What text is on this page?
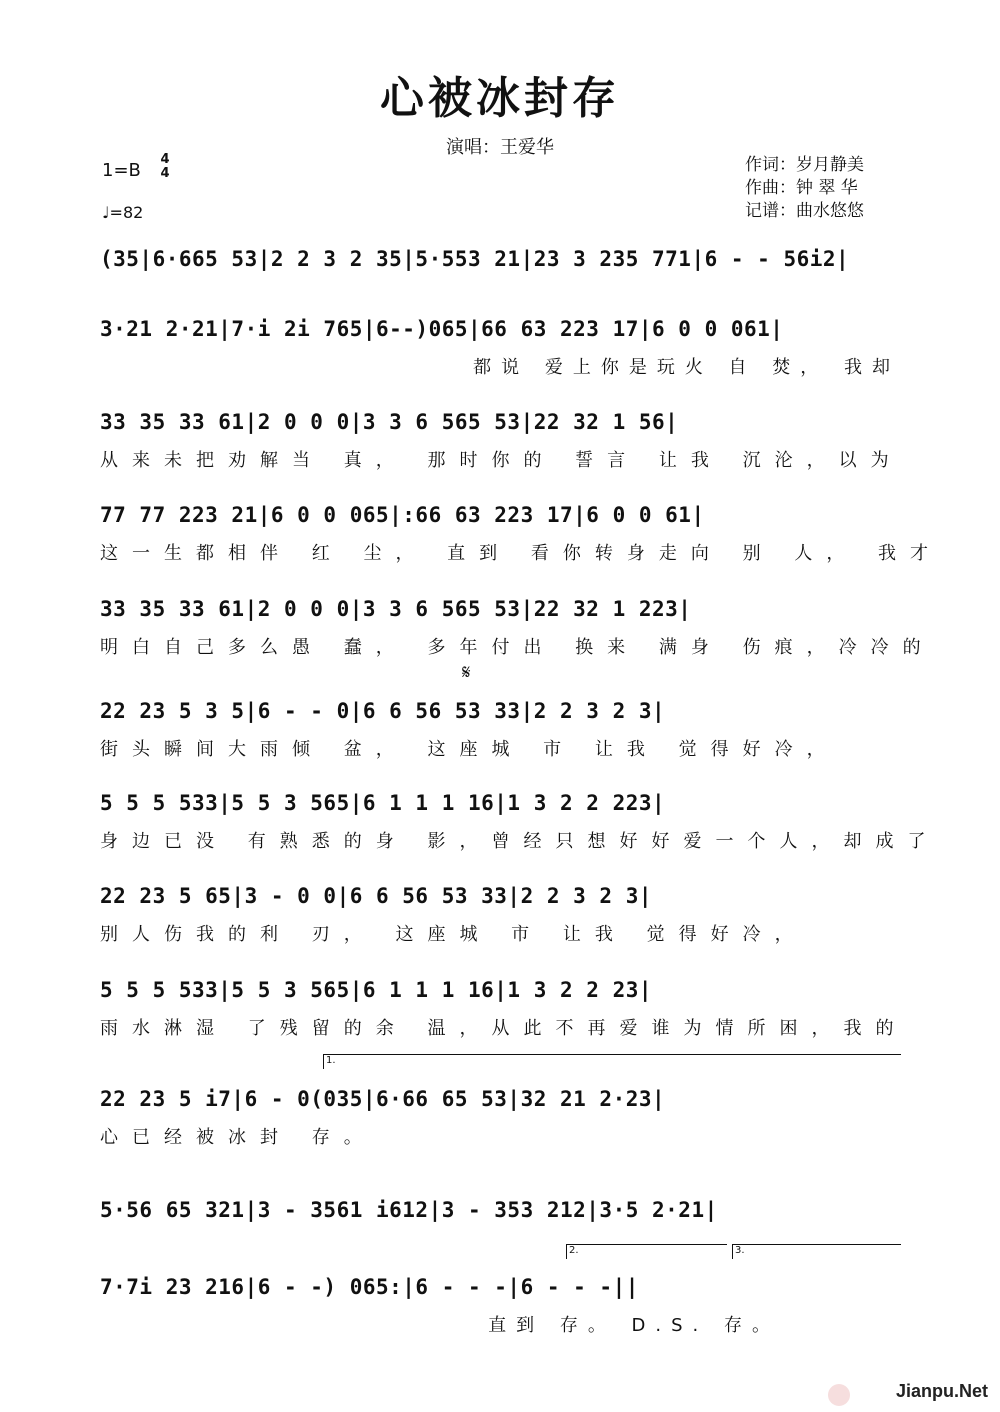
心被冰封存
演唱：王爱华
1=B
4
4
♩=82
作词：岁月静美
作曲：钟 翠 华
记谱：曲水悠悠
(35|6·665 53|2 2 3 2 35|5·553 21|23 3 235 771|6 - - 56i2|
3·21 2·21|7·i 2i 765|6--)065|66 63 223 17|6 0 0 061|
都说 爱上你是玩火 自 焚， 我却
33 35 33 61|2 0 0 0|3 3 6 565 53|22 32 1 56|
从来未把劝解当 真， 那时你的 誓言 让我 沉沦，以为
77 77 223 21|6 0 0 065|:66 63 223 17|6 0 0 61|
这一生都相伴 红 尘， 直到 看你转身走向 别 人， 我才
33 35 33 61|2 0 0 0|3 3 6 565 53|22 32 1 223|
明白自己多么愚 蠢， 多年付出 换来 满身 伤痕，冷冷的
𝄋
22 23 5 3 5|6 - - 0|6 6 56 53 33|2 2 3 2 3|
街头瞬间大雨倾 盆， 这座城 市 让我 觉得好冷，
5 5 5 533|5 5 3 565|6 1 1 1 16|1 3 2 2 223|
身边已没 有熟悉的身 影，曾经只想好好爱一个人，却成了
22 23 5 65|3 - 0 0|6 6 56 53 33|2 2 3 2 3|
别人伤我的利 刃， 这座城 市 让我 觉得好冷，
5 5 5 533|5 5 3 565|6 1 1 1 16|1 3 2 2 23|
雨水淋湿 了残留的余 温，从此不再爱谁为情所困，我的
1.
22 23 5 i7|6 - 0(035|6·66 65 53|32 21 2·23|
心已经被冰封 存。
5·56 65 321|3 - 3561 i612|3 - 353 212|3·5 2·21|
2.	3.
7·7i 23 216|6 - -) 065:|6 - - -|6 - - -||
直到 存。 D.S. 存。
Jianpu.Net
